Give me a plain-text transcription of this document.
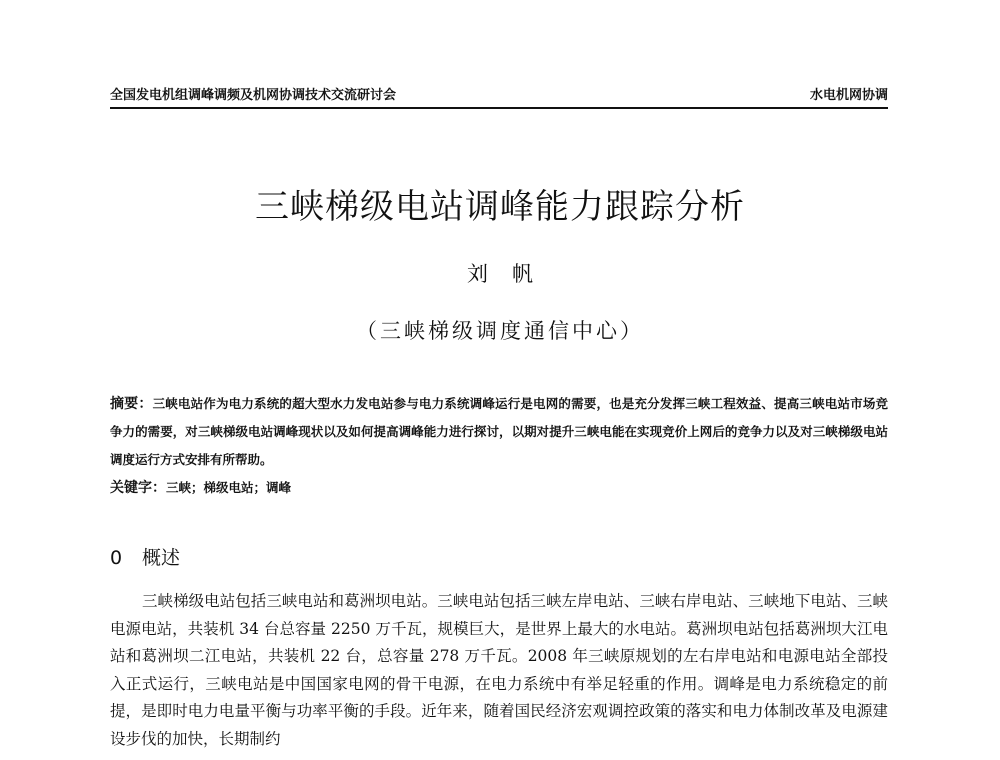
全国发电机组调峰调频及机网协调技术交流研讨会	水电机网协调
三峡梯级电站调峰能力跟踪分析
刘帆
（三峡梯级调度通信中心）
摘要：三峡电站作为电力系统的超大型水力发电站参与电力系统调峰运行是电网的需要，也是充分发挥三峡工程效益、提高三峡电站市场竞争力的需要，对三峡梯级电站调峰现状以及如何提高调峰能力进行探讨，以期对提升三峡电能在实现竞价上网后的竞争力以及对三峡梯级电站调度运行方式安排有所帮助。
关键字：三峡；梯级电站；调峰
0 概述
三峡梯级电站包括三峡电站和葛洲坝电站。三峡电站包括三峡左岸电站、三峡右岸电站、三峡地下电站、三峡电源电站，共装机 34 台总容量 2250 万千瓦，规模巨大，是世界上最大的水电站。葛洲坝电站包括葛洲坝大江电站和葛洲坝二江电站，共装机 22 台，总容量 278 万千瓦。2008 年三峡原规划的左右岸电站和电源电站全部投入正式运行，三峡电站是中国国家电网的骨干电源，在电力系统中有举足轻重的作用。调峰是电力系统稳定的前提，是即时电力电量平衡与功率平衡的手段。近年来，随着国民经济宏观调控政策的落实和电力体制改革及电源建设步伐的加快，长期制约
